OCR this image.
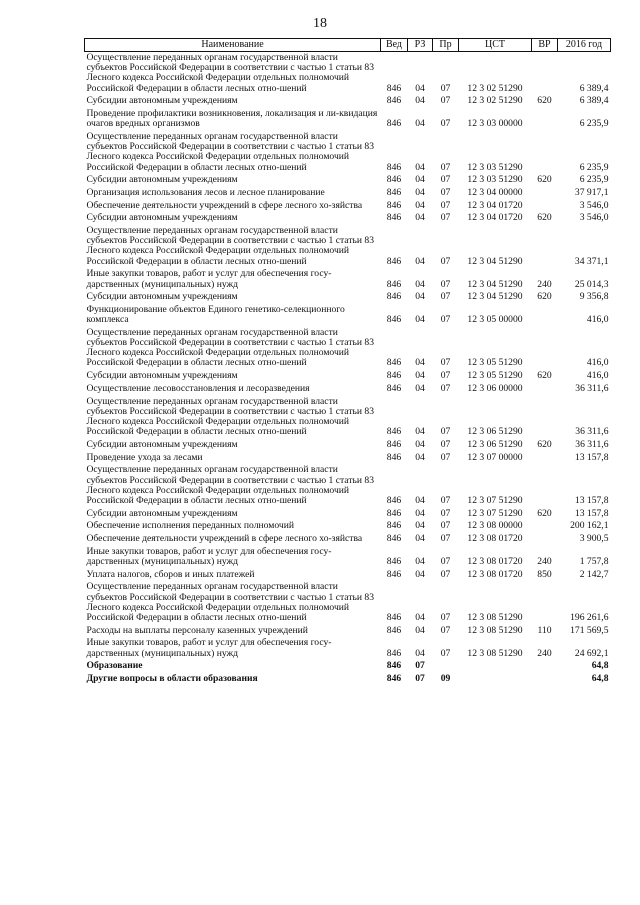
18
Наименование	Вед	РЗ	Пр	ЦСТ	ВР	2016 год
Осуществление переданных органам государственной власти субъектов Российской Федерации в соответствии с частью 1 статьи 83 Лесного кодекса Российской Федерации отдельных полномочий Российской Федерации в области лесных отно-шений	846	04	07	12 3 02 51290		6 389,4
Субсидии автономным учреждениям	846	04	07	12 3 02 51290	620	6 389,4
Проведение профилактики возникновения, локализация и ли-квидация очагов вредных организмов	846	04	07	12 3 03 00000		6 235,9
Осуществление переданных органам государственной власти субъектов Российской Федерации в соответствии с частью 1 статьи 83 Лесного кодекса Российской Федерации отдельных полномочий Российской Федерации в области лесных отно-шений	846	04	07	12 3 03 51290		6 235,9
Субсидии автономным учреждениям	846	04	07	12 3 03 51290	620	6 235,9
Организация использования лесов и лесное планирование	846	04	07	12 3 04 00000		37 917,1
Обеспечение деятельности учреждений в сфере лесного хо-зяйства	846	04	07	12 3 04 01720		3 546,0
Субсидии автономным учреждениям	846	04	07	12 3 04 01720	620	3 546,0
Осуществление переданных органам государственной власти субъектов Российской Федерации в соответствии с частью 1 статьи 83 Лесного кодекса Российской Федерации отдельных полномочий Российской Федерации в области лесных отно-шений	846	04	07	12 3 04 51290		34 371,1
Иные закупки товаров, работ и услуг для обеспечения госу-дарственных (муниципальных) нужд	846	04	07	12 3 04 51290	240	25 014,3
Субсидии автономным учреждениям	846	04	07	12 3 04 51290	620	9 356,8
Функционирование объектов Единого генетико-селекционного комплекса	846	04	07	12 3 05 00000		416,0
Осуществление переданных органам государственной власти субъектов Российской Федерации в соответствии с частью 1 статьи 83 Лесного кодекса Российской Федерации отдельных полномочий Российской Федерации в области лесных отно-шений	846	04	07	12 3 05 51290		416,0
Субсидии автономным учреждениям	846	04	07	12 3 05 51290	620	416,0
Осуществление лесовосстановления и лесоразведения	846	04	07	12 3 06 00000		36 311,6
Осуществление переданных органам государственной власти субъектов Российской Федерации в соответствии с частью 1 статьи 83 Лесного кодекса Российской Федерации отдельных полномочий Российской Федерации в области лесных отно-шений	846	04	07	12 3 06 51290		36 311,6
Субсидии автономным учреждениям	846	04	07	12 3 06 51290	620	36 311,6
Проведение ухода за лесами	846	04	07	12 3 07 00000		13 157,8
Осуществление переданных органам государственной власти субъектов Российской Федерации в соответствии с частью 1 статьи 83 Лесного кодекса Российской Федерации отдельных полномочий Российской Федерации в области лесных отно-шений	846	04	07	12 3 07 51290		13 157,8
Субсидии автономным учреждениям	846	04	07	12 3 07 51290	620	13 157,8
Обеспечение исполнения переданных полномочий	846	04	07	12 3 08 00000		200 162,1
Обеспечение деятельности учреждений в сфере лесного хо-зяйства	846	04	07	12 3 08 01720		3 900,5
Иные закупки товаров, работ и услуг для обеспечения госу-дарственных (муниципальных) нужд	846	04	07	12 3 08 01720	240	1 757,8
Уплата налогов, сборов и иных платежей	846	04	07	12 3 08 01720	850	2 142,7
Осуществление переданных органам государственной власти субъектов Российской Федерации в соответствии с частью 1 статьи 83 Лесного кодекса Российской Федерации отдельных полномочий Российской Федерации в области лесных отно-шений	846	04	07	12 3 08 51290		196 261,6
Расходы на выплаты персоналу казенных учреждений	846	04	07	12 3 08 51290	110	171 569,5
Иные закупки товаров, работ и услуг для обеспечения госу-дарственных (муниципальных) нужд	846	04	07	12 3 08 51290	240	24 692,1
Образование	846	07				64,8
Другие вопросы в области образования	846	07	09			64,8
